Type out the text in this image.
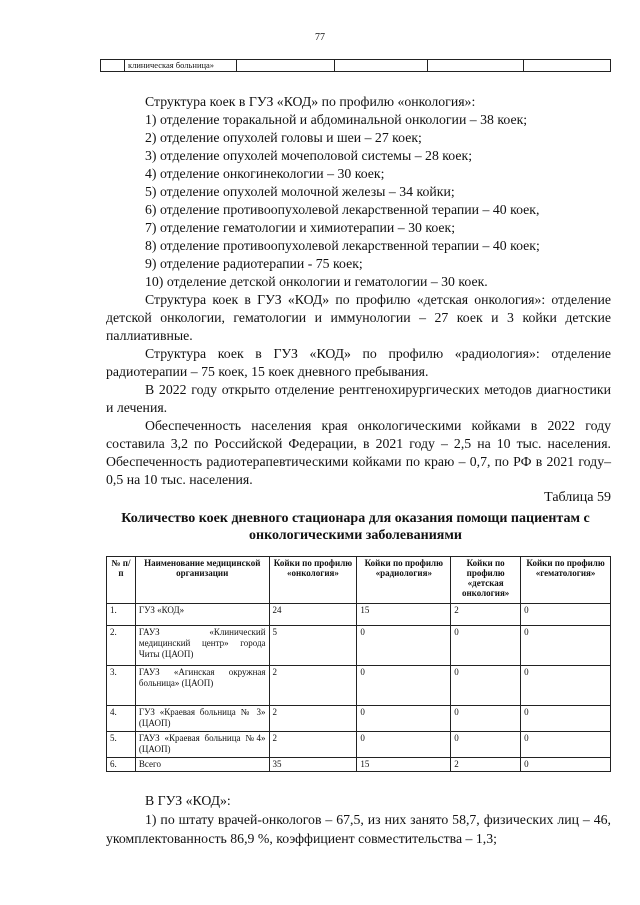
77
	клиническая больница»				

Структура коек в ГУЗ «КОД» по профилю «онкология»:

1) отделение торакальной и абдоминальной онкологии – 38 коек;

2) отделение опухолей головы и шеи – 27 коек;

3) отделение опухолей мочеполовой системы – 28 коек;

4) отделение онкогинекологии – 30 коек;

5) отделение опухолей молочной железы – 34 койки;

6) отделение противоопухолевой лекарственной терапии – 40 коек,

7) отделение гематологии и химиотерапии – 30 коек;

8) отделение противоопухолевой лекарственной терапии – 40 коек;

9) отделение радиотерапии - 75 коек;

10) отделение детской онкологии и гематологии – 30 коек.

Структура коек в ГУЗ «КОД» по профилю «детская онкология»: отделение детской онкологии, гематологии и иммунологии – 27 коек и 3 койки детские паллиативные.

Структура коек в ГУЗ «КОД» по профилю «радиология»: отделение радиотерапии – 75 коек, 15 коек дневного пребывания.

В 2022 году открыто отделение рентгенохирургических методов диагностики и лечения.

Обеспеченность населения края онкологическими койками в 2022 году составила 3,2 по Российской Федерации, в 2021 году – 2,5 на 10 тыс. населения. Обеспеченность радиотерапевтическими койками по краю – 0,7, по РФ в 2021 году– 0,5 на 10 тыс. населения.

Таблица 59
Количество коек дневного стационара для оказания помощи пациентам с онкологическими заболеваниями
№ п/п	Наименование медицинской организации	Койки по профилю «онкология»	Койки по профилю «радиология»	Койки по профилю «детская онкология»	Койки по профилю «гематология»
1.	ГУЗ «КОД»	24	15	2	0
2.	ГАУЗ «Клинический медицинский центр» города Читы (ЦАОП)	5	0	0	0
3.	ГАУЗ «Агинская окружная больница» (ЦАОП)	2	0	0	0
4.	ГУЗ «Краевая больница № 3» (ЦАОП)	2	0	0	0
5.	ГАУЗ «Краевая больница №4» (ЦАОП)	2	0	0	0
6.	Всего	35	15	2	0

В ГУЗ «КОД»:

1) по штату врачей-онкологов – 67,5, из них занято 58,7, физических лиц – 46, укомплектованность 86,9 %, коэффициент совместительства – 1,3;
